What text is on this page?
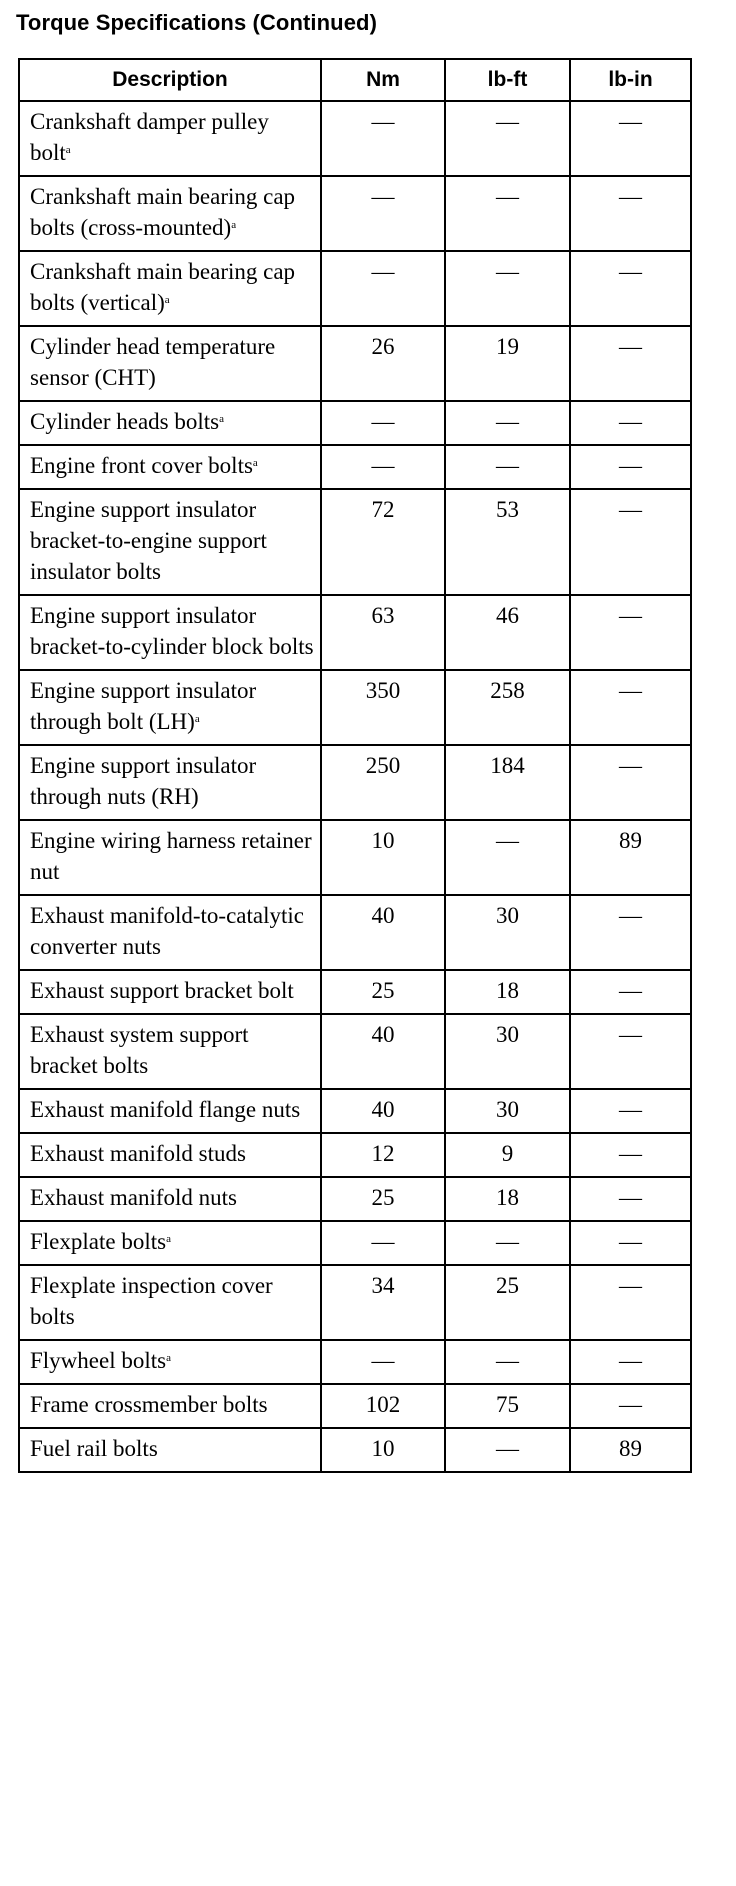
Torque Specifications (Continued)
Description	Nm	lb-ft	lb-in
Crankshaft damper pulley bolt$^a$	—	—	—
Crankshaft main bearing cap bolts (cross-mounted)$^a$	—	—	—
Crankshaft main bearing cap bolts (vertical)$^a$	—	—	—
Cylinder head temperature sensor (CHT)	26	19	—
Cylinder heads bolts$^a$	—	—	—
Engine front cover bolts$^a$	—	—	—
Engine support insulator bracket-to-engine support insulator bolts	72	53	—
Engine support insulator bracket-to-cylinder block bolts	63	46	—
Engine support insulator through bolt (LH)$^a$	350	258	—
Engine support insulator through nuts (RH)	250	184	—
Engine wiring harness retainer nut	10	—	89
Exhaust manifold-to-catalytic converter nuts	40	30	—
Exhaust support bracket bolt	25	18	—
Exhaust system support bracket bolts	40	30	—
Exhaust manifold flange nuts	40	30	—
Exhaust manifold studs	12	9	—
Exhaust manifold nuts	25	18	—
Flexplate bolts$^a$	—	—	—
Flexplate inspection cover bolts	34	25	—
Flywheel bolts$^a$	—	—	—
Frame crossmember bolts	102	75	—
Fuel rail bolts	10	—	89
